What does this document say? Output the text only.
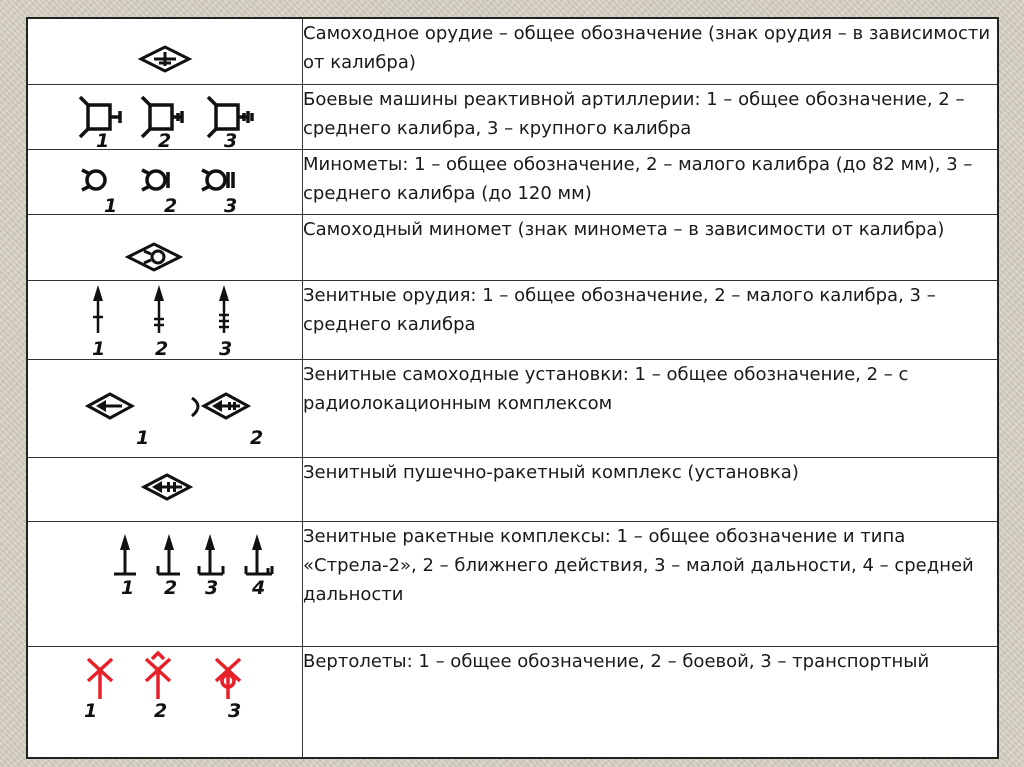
	Самоходное орудие – общее обозначение (знак орудия – в зависимости от калибра)

1 2 3	Боевые машины реактивной артиллерии: 1 – общее обозначение, 2 – среднего калибра, 3 – крупного калибра

1 2 3	Минометы: 1 – общее обозначение, 2 – малого калибра (до 82 мм), 3 – среднего калибра (до 120 мм)

	Самоходный миномет (знак миномета – в зависимости от калибра)

1 2 3	Зенитные орудия: 1 – общее обозначение, 2 – малого калибра, 3 – среднего калибра

1 2	Зенитные самоходные установки: 1 – общее обозначение, 2 – с радиолокационным комплексом

	Зенитный пушечно-ракетный комплекс (установка)

1 2 3 4	Зенитные ракетные комплексы: 1 – общее обозначение и типа «Стрела-2», 2 – ближнего действия, 3 – малой дальности, 4 – средней дальности

1 2 3	Вертолеты: 1 – общее обозначение, 2 – боевой, 3 – транспортный
